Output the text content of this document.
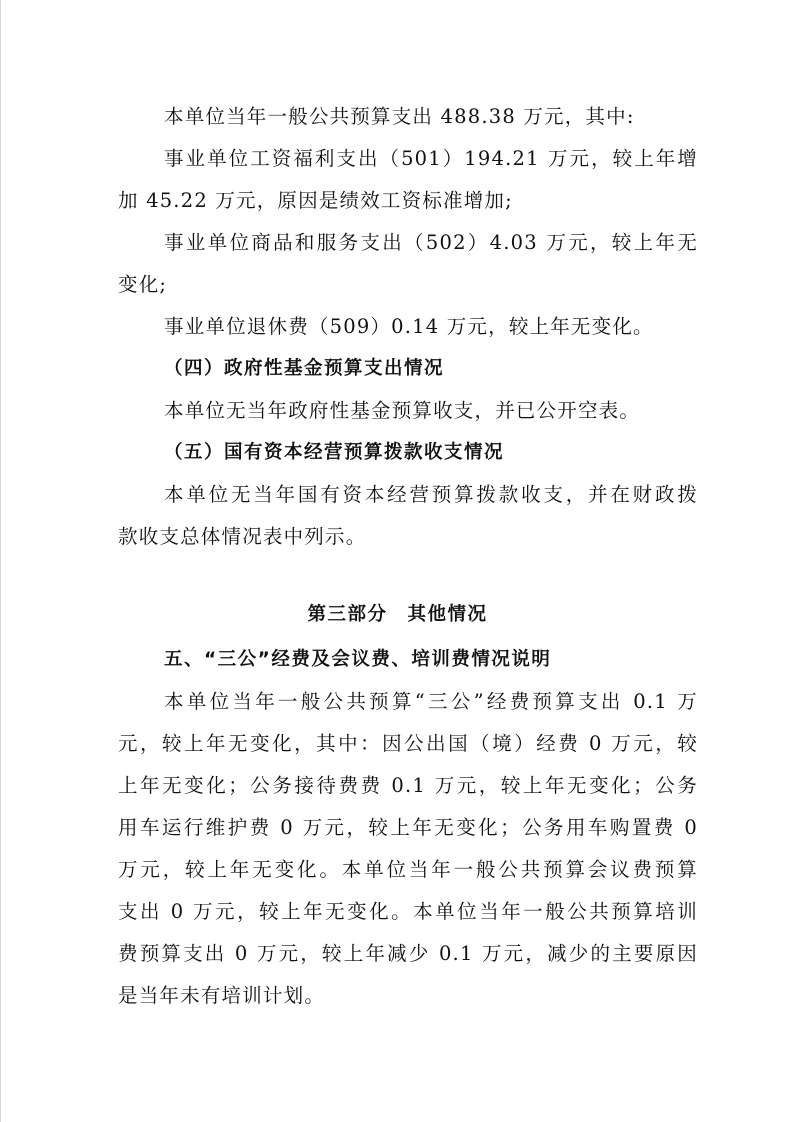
本单位当年一般公共预算支出 488.38 万元，其中:
事业单位工资福利支出（501）194.21 万元，较上年增
加 45.22 万元，原因是绩效工资标准增加;
事业单位商品和服务支出（502）4.03 万元，较上年无
变化;
事业单位退休费（509）0.14 万元，较上年无变化。
（四）政府性基金预算支出情况
本单位无当年政府性基金预算收支，并已公开空表。
（五）国有资本经营预算拨款收支情况
本单位无当年国有资本经营预算拨款收支，并在财政拨
款收支总体情况表中列示。
第三部分　其他情况
五、“三公”经费及会议费、培训费情况说明
本单位当年一般公共预算“三公”经费预算支出 0.1 万
元，较上年无变化，其中：因公出国（境）经费 0 万元，较
上年无变化；公务接待费费 0.1 万元，较上年无变化；公务
用车运行维护费 0 万元，较上年无变化；公务用车购置费 0
万元，较上年无变化。本单位当年一般公共预算会议费预算
支出 0 万元，较上年无变化。本单位当年一般公共预算培训
费预算支出 0 万元，较上年减少 0.1 万元，减少的主要原因
是当年未有培训计划。
